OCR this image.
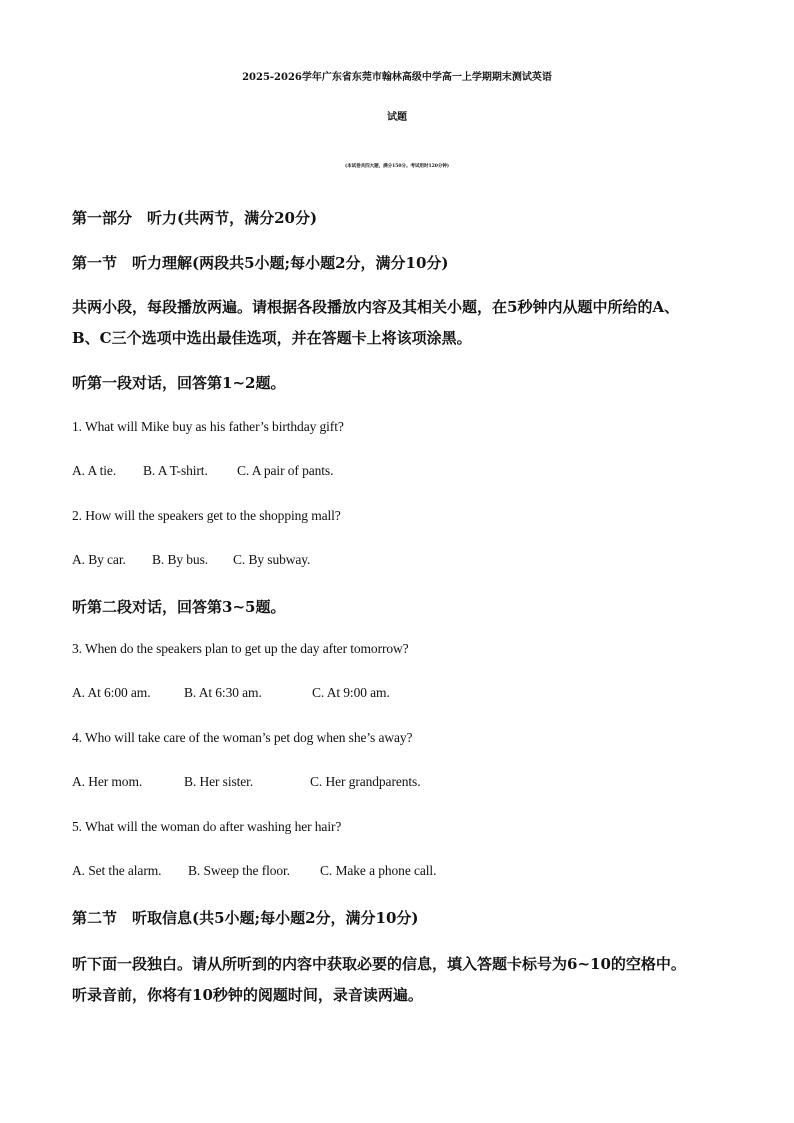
2025-2026学年广东省东莞市翰林高级中学高一上学期期末测试英语
试题
(本试卷共四大题，满分150分。考试用时120分钟)
第一部分　听力(共两节，满分20分)
第一节　听力理解(两段共5小题;每小题2分，满分10分)
共两小段，每段播放两遍。请根据各段播放内容及其相关小题，在5秒钟内从题中所给的A、
B、C三个选项中选出最佳选项，并在答题卡上将该项涂黑。
听第一段对话，回答第1~2题。
1. What will Mike buy as his father’s birthday gift?
A. A tie. B. A T-shirt. C. A pair of pants.
2. How will the speakers get to the shopping mall?
A. By car. B. By bus. C. By subway.
听第二段对话，回答第3~5题。
3. When do the speakers plan to get up the day after tomorrow?
A. At 6:00 am. B. At 6:30 am.	C. At 9:00 am.
4. Who will take care of the woman’s pet dog when she’s away?
A. Her mom.	B. Her sister.	C. Her grandparents.
5. What will the woman do after washing her hair?
A. Set the alarm. B. Sweep the floor. C. Make a phone call.
第二节　听取信息(共5小题;每小题2分，满分10分)
听下面一段独白。请从所听到的内容中获取必要的信息，填入答题卡标号为6~10的空格中。
听录音前，你将有10秒钟的阅题时间，录音读两遍。
